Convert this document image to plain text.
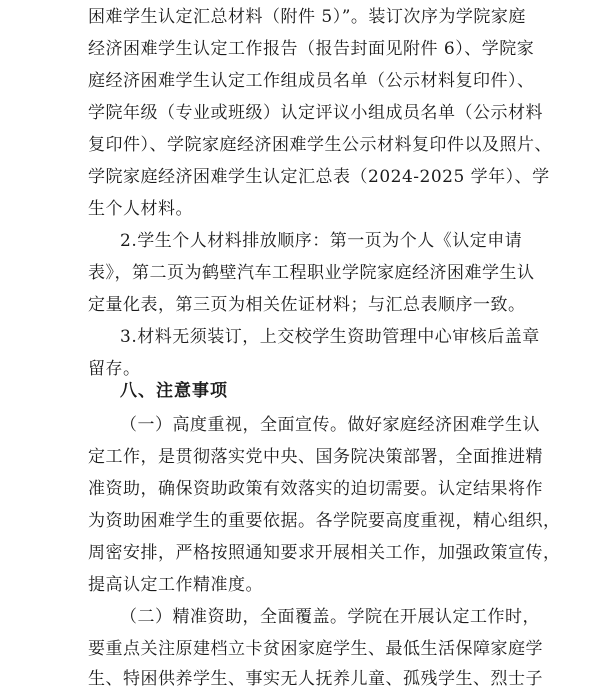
困难学生认定汇总材料（附件 5）”。装订次序为学院家庭
经济困难学生认定工作报告（报告封面见附件 6）、学院家
庭经济困难学生认定工作组成员名单（公示材料复印件）、
学院年级（专业或班级）认定评议小组成员名单（公示材料
复印件）、学院家庭经济困难学生公示材料复印件以及照片、
学院家庭经济困难学生认定汇总表（2024-2025 学年）、学
生个人材料。
2.学生个人材料排放顺序：第一页为个人《认定申请
表》，第二页为鹤壁汽车工程职业学院家庭经济困难学生认
定量化表，第三页为相关佐证材料；与汇总表顺序一致。
3.材料无须装订，上交校学生资助管理中心审核后盖章
留存。
八、注意事项
（一）高度重视，全面宣传。做好家庭经济困难学生认
定工作，是贯彻落实党中央、国务院决策部署，全面推进精
准资助，确保资助政策有效落实的迫切需要。认定结果将作
为资助困难学生的重要依据。各学院要高度重视，精心组织，
周密安排，严格按照通知要求开展相关工作，加强政策宣传，
提高认定工作精准度。
（二）精准资助，全面覆盖。学院在开展认定工作时，
要重点关注原建档立卡贫困家庭学生、最低生活保障家庭学
生、特困供养学生、事实无人抚养儿童、孤残学生、烈士子
